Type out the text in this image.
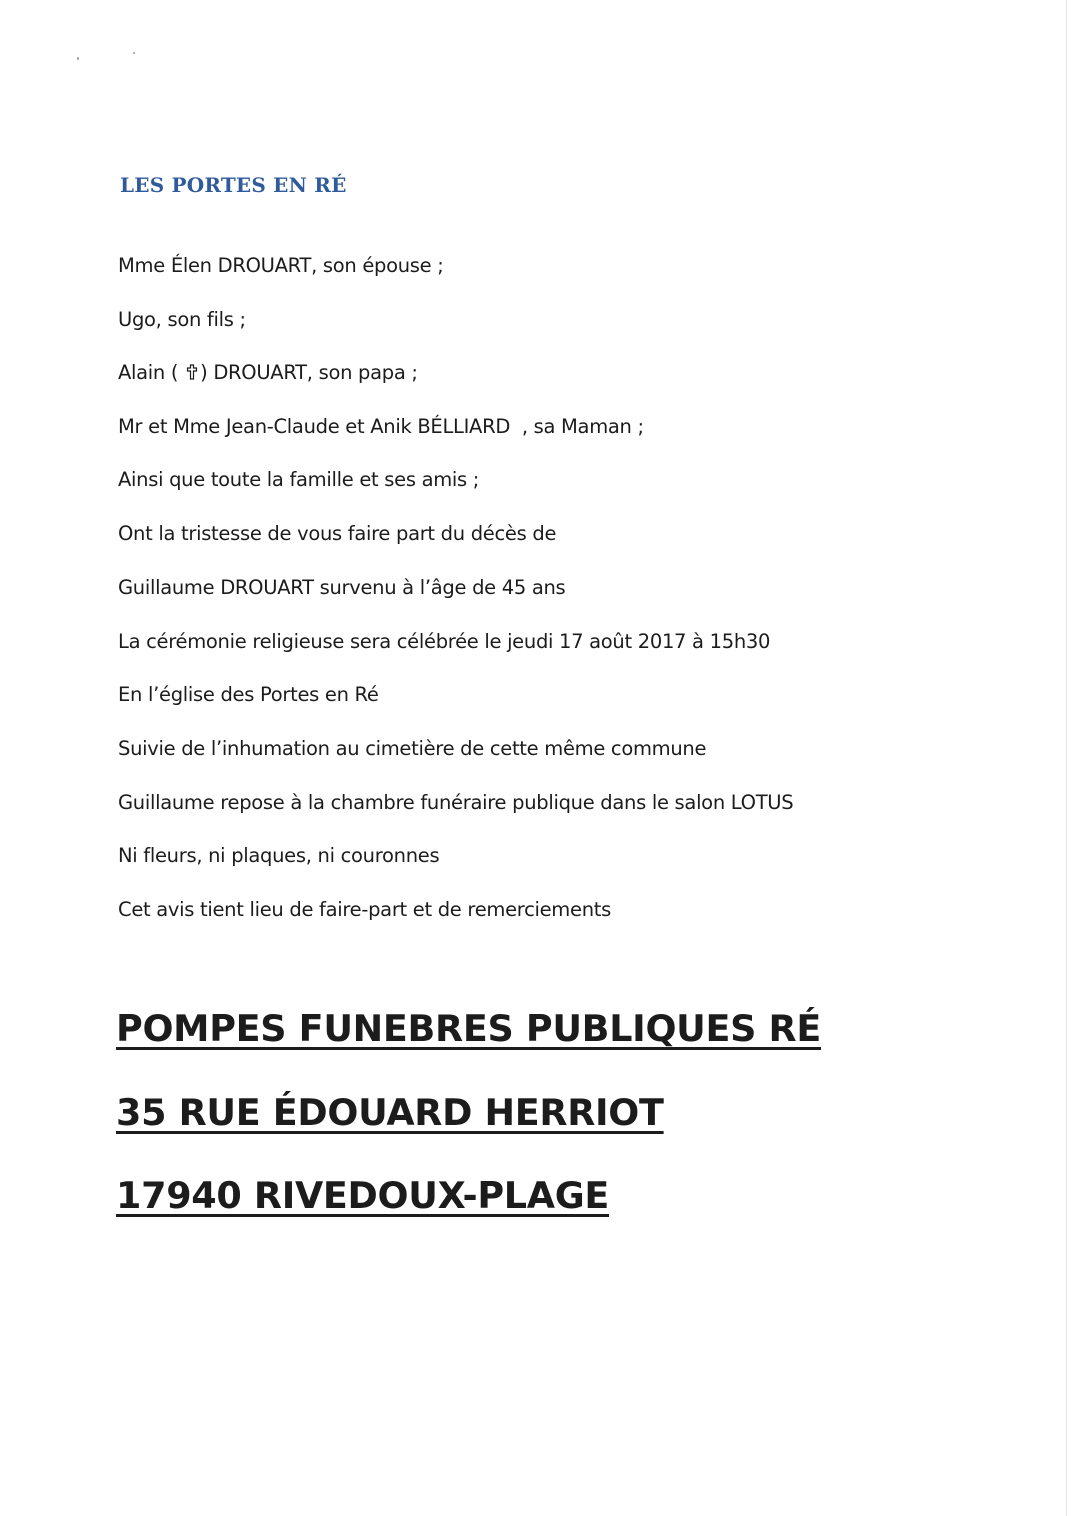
LES PORTES EN RÉ

Mme Élen DROUART, son épouse ;

Ugo, son fils ;

Alain ( ) DROUART, son papa ;

Mr et Mme Jean-Claude et Anik BÉLLIARD  , sa Maman ;

Ainsi que toute la famille et ses amis ;

Ont la tristesse de vous faire part du décès de

Guillaume DROUART survenu à l’âge de 45 ans

La cérémonie religieuse sera célébrée le jeudi 17 août 2017 à 15h30

En l’église des Portes en Ré

Suivie de l’inhumation au cimetière de cette même commune

Guillaume repose à la chambre funéraire publique dans le salon LOTUS

Ni fleurs, ni plaques, ni couronnes

Cet avis tient lieu de faire-part et de remerciements

POMPES FUNEBRES PUBLIQUES RÉ

35 RUE ÉDOUARD HERRIOT

17940 RIVEDOUX-PLAGE
